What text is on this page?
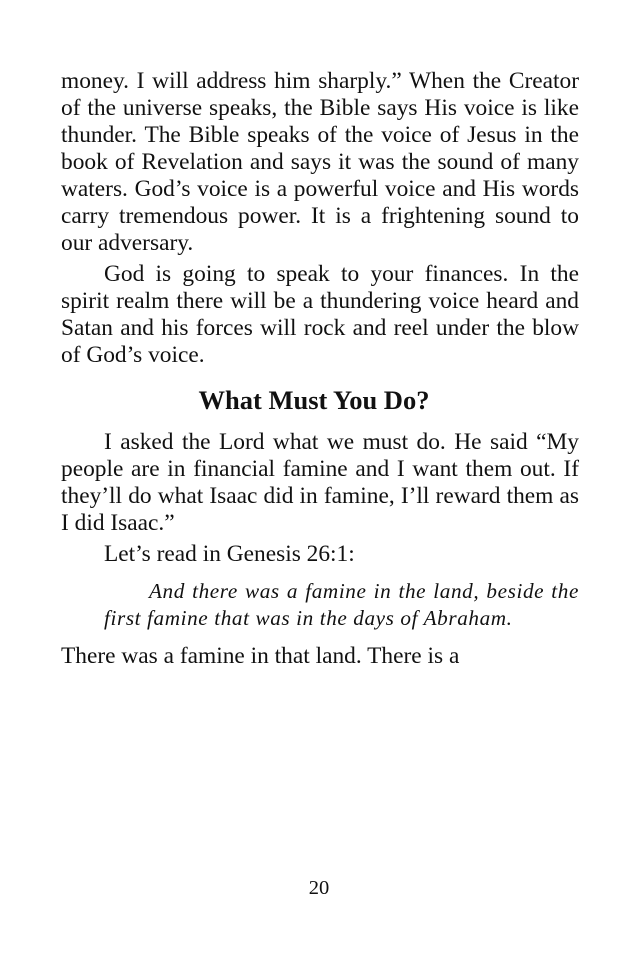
money. I will address him sharply.” When the Creator of the universe speaks, the Bible says His voice is like thunder. The Bible speaks of the voice of Jesus in the book of Revelation and says it was the sound of many waters. God’s voice is a powerful voice and His words carry tremendous power. It is a frightening sound to our adversary.

God is going to speak to your finances. In the spirit realm there will be a thundering voice heard and Satan and his forces will rock and reel under the blow of God’s voice.

What Must You Do?

I asked the Lord what we must do. He said “My people are in financial famine and I want them out. If they’ll do what Isaac did in famine, I’ll reward them as I did Isaac.”

Let’s read in Genesis 26:1:

And there was a famine in the land, beside the first famine that was in the days of Abraham.

There was a famine in that land. There is a

20
